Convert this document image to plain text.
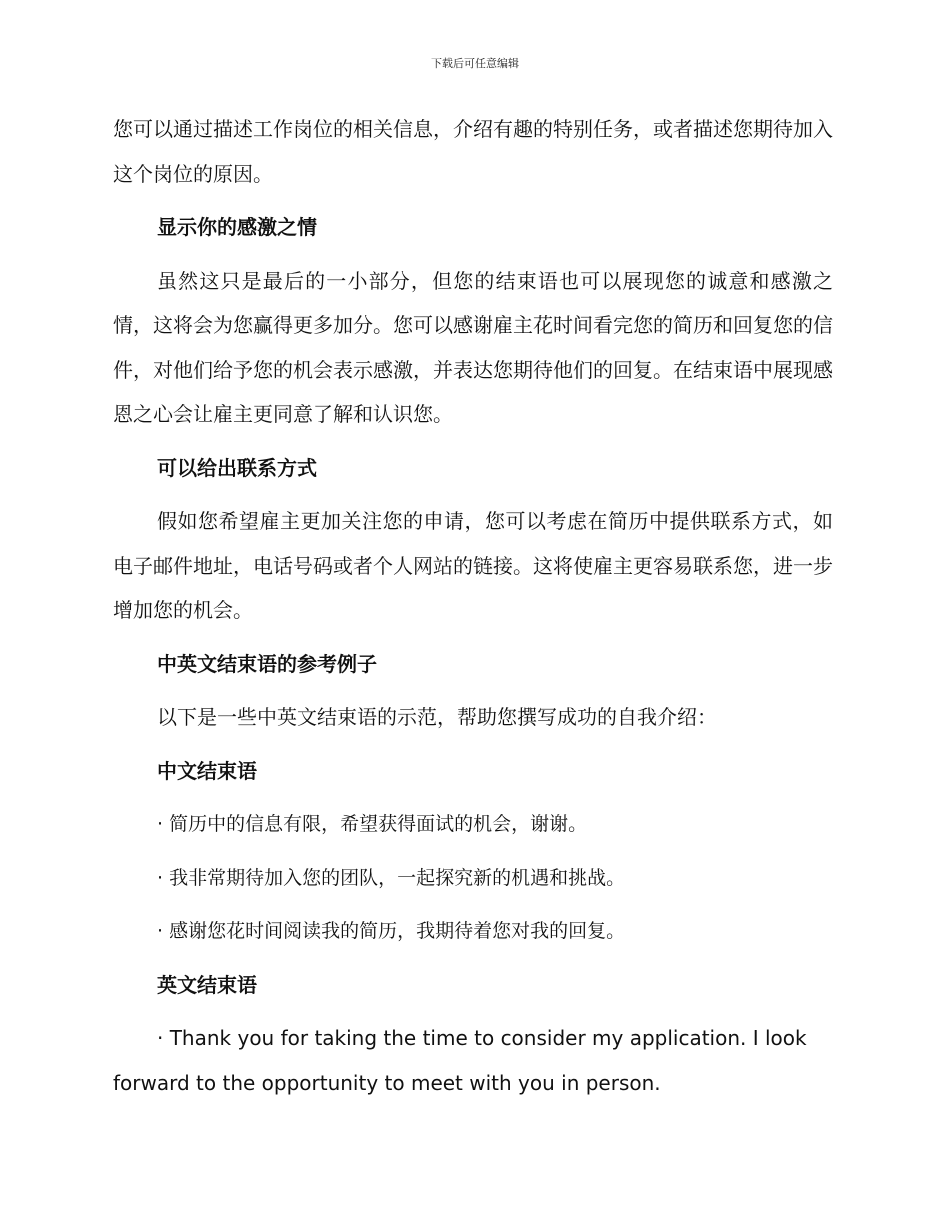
下载后可任意编辑

您可以通过描述工作岗位的相关信息，介绍有趣的特别任务，或者描述您期待加入这个岗位的原因。

显示你的感激之情

虽然这只是最后的一小部分，但您的结束语也可以展现您的诚意和感激之情，这将会为您赢得更多加分。您可以感谢雇主花时间看完您的简历和回复您的信件，对他们给予您的机会表示感激，并表达您期待他们的回复。在结束语中展现感恩之心会让雇主更同意了解和认识您。

可以给出联系方式

假如您希望雇主更加关注您的申请，您可以考虑在简历中提供联系方式，如电子邮件地址，电话号码或者个人网站的链接。这将使雇主更容易联系您，进一步增加您的机会。

中英文结束语的参考例子

以下是一些中英文结束语的示范，帮助您撰写成功的自我介绍：

中文结束语
· 简历中的信息有限，希望获得面试的机会，谢谢。
· 我非常期待加入您的团队，一起探究新的机遇和挑战。
· 感谢您花时间阅读我的简历，我期待着您对我的回复。
英文结束语

· Thank you for taking the time to consider my application. I look forward to the opportunity to meet with you in person.
